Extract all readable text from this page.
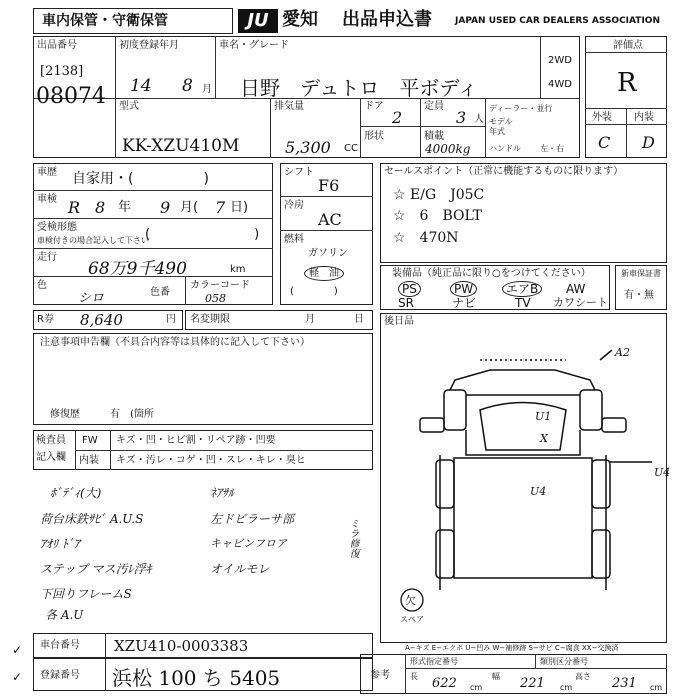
車内保管・守衛保管	JU 愛知 出品申込書	JAPAN USED CAR DEALERS ASSOCIATION
出品番号
[2138]
08074
初度登録年月
14 8 月
車名・グレード
日野　デュトロ　平ボディ
2WD
4WD
型式
KK-XZU410M
排気量
5,300 CC
ドア
2
定員
3 人
形状	積載
4000kg
ディーラー・並行
モデル
年式
ハンドル 左・右
評価点
R
外装 内装
C D
車歴 自家用・(　　　　　)
車検 R 8 年 9 月( 7 日)
受検形態
車検付きの場合記入して下さい
(　　　　　　　　)
走行
68万9千490	km
色
シロ	色番
カラーコード
058
シフト
F6
冷房
AC
燃料
ガソリン
軽　油
(　　　　)
セールスポイント（正常に機能するものに限ります）
☆ E/G　J05C
☆　6　BOLT
☆　470N
装備品（純正品に限り○をつけてください）
PS	PW	エアB	AW
SR	ナビ	TV カワシート
新車保証書
有・無
R券 8,640	円 名変期限	月	日
注意事項申告欄（不具合内容等は具体的に記入して下さい）
修復歴	有　(箇所
後日品
A2
U1
X
U4
U4
欠
スペア
A−キズ E−エクボ U−凹み W−補修跡 S−サビ C−腐食 XX−交換済
検査員
記入欄
FW キズ・凹・ヒビ割・リペア跡・凹要
内装 キズ・汚レ・コゲ・凹・スレ・キレ・臭ヒ
ﾎﾞﾃﾞｨ(大)
荷台床鉄ｻﾋﾞ A.U.S
ｱｵﾘ ﾄﾞｱ
ステップ マス汚ﾚ浮ｷ
下回りフレームS
各 A.U
ﾈｱｻﾙ
左ドピラーサ部
キャビンフロア
オイルモレ
ミラ修復
車台番号 XZU410-0003383
登録番号 浜松 100 ち 5405
✓
✓
形式指定番号	類別区分番号
参考	長 622 cm
幅 221 cm
高さ 231 cm
